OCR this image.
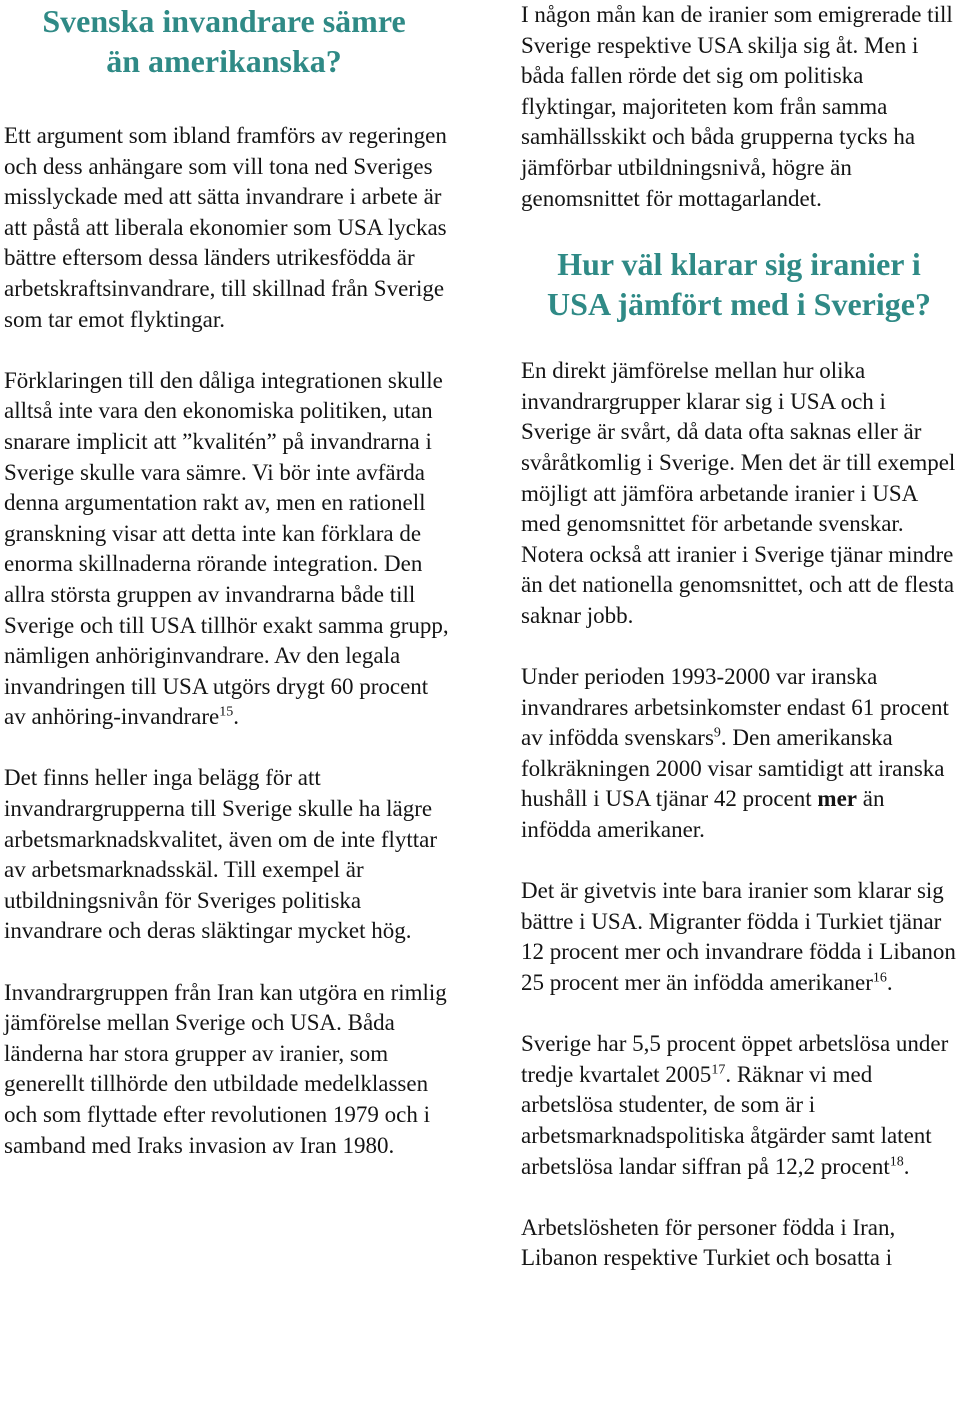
Svenska invandrare sämre
än amerikanska?

Ett argument som ibland framförs av regeringen och dess anhängare som vill tona ned Sveriges misslyckade med att sätta invandrare i arbete är att påstå att liberala ekonomier som USA lyckas bättre eftersom dessa länders utrikesfödda är arbetskraftsinvandrare, till skillnad från Sverige som tar emot flyktingar.

Förklaringen till den dåliga integrationen skulle alltså inte vara den ekonomiska politiken, utan snarare implicit att ”kvalitén” på invandrarna i Sverige skulle vara sämre. Vi bör inte avfärda denna argumentation rakt av, men en rationell granskning visar att detta inte kan förklara de enorma skillnaderna rörande integration. Den allra största gruppen av invandrarna både till Sverige och till USA tillhör exakt samma grupp, nämligen anhöriginvandrare. Av den legala invandringen till USA utgörs drygt 60 procent av anhöring-invandrare$^{15}$.

Det finns heller inga belägg för att invandrargrupperna till Sverige skulle ha lägre arbetsmarknadskvalitet, även om de inte flyttar av arbetsmarknadsskäl. Till exempel är utbildningsnivån för Sveriges politiska invandrare och deras släktingar mycket hög.

Invandrargruppen från Iran kan utgöra en rimlig jämförelse mellan Sverige och USA. Båda länderna har stora grupper av iranier, som generellt tillhörde den utbildade medelklassen och som flyttade efter revolutionen 1979 och i samband med Iraks invasion av Iran 1980.

I någon mån kan de iranier som emigrerade till Sverige respektive USA skilja sig åt. Men i båda fallen rörde det sig om politiska flyktingar, majoriteten kom från samma samhällsskikt och båda grupperna tycks ha jämförbar utbildningsnivå, högre än genomsnittet för mottagarlandet.

Hur väl klarar sig iranier i
USA jämfört med i Sverige?

En direkt jämförelse mellan hur olika invandrargrupper klarar sig i USA och i Sverige är svårt, då data ofta saknas eller är svåråtkomlig i Sverige. Men det är till exempel möjligt att jämföra arbetande iranier i USA med genomsnittet för arbetande svenskar. Notera också att iranier i Sverige tjänar mindre än det nationella genomsnittet, och att de flesta saknar jobb.

Under perioden 1993-2000 var iranska invandrares arbetsinkomster endast 61 procent av infödda svenskars$^9$. Den amerikanska folkräkningen 2000 visar samtidigt att iranska hushåll i USA tjänar 42 procent mer än infödda amerikaner.

Det är givetvis inte bara iranier som klarar sig bättre i USA. Migranter födda i Turkiet tjänar 12 procent mer och invandrare födda i Libanon 25 procent mer än infödda amerikaner$^{16}$.

Sverige har 5,5 procent öppet arbetslösa under tredje kvartalet 2005$^{17}$. Räknar vi med arbetslösa studenter, de som är i arbetsmarknadspolitiska åtgärder samt latent arbetslösa landar siffran på 12,2 procent$^{18}$.

Arbetslösheten för personer födda i Iran, Libanon respektive Turkiet och bosatta i
